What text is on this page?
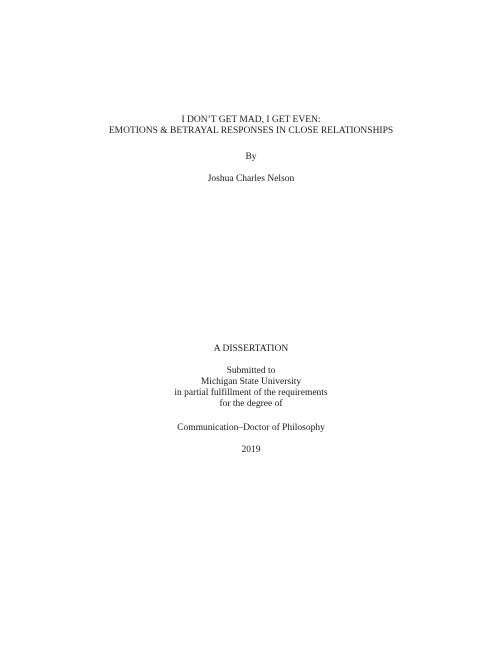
I DON’T GET MAD, I GET EVEN:
EMOTIONS & BETRAYAL RESPONSES IN CLOSE RELATIONSHIPS
By
Joshua Charles Nelson
A DISSERTATION
Submitted to
Michigan State University
in partial fulfillment of the requirements
for the degree of
Communication–Doctor of Philosophy
2019
